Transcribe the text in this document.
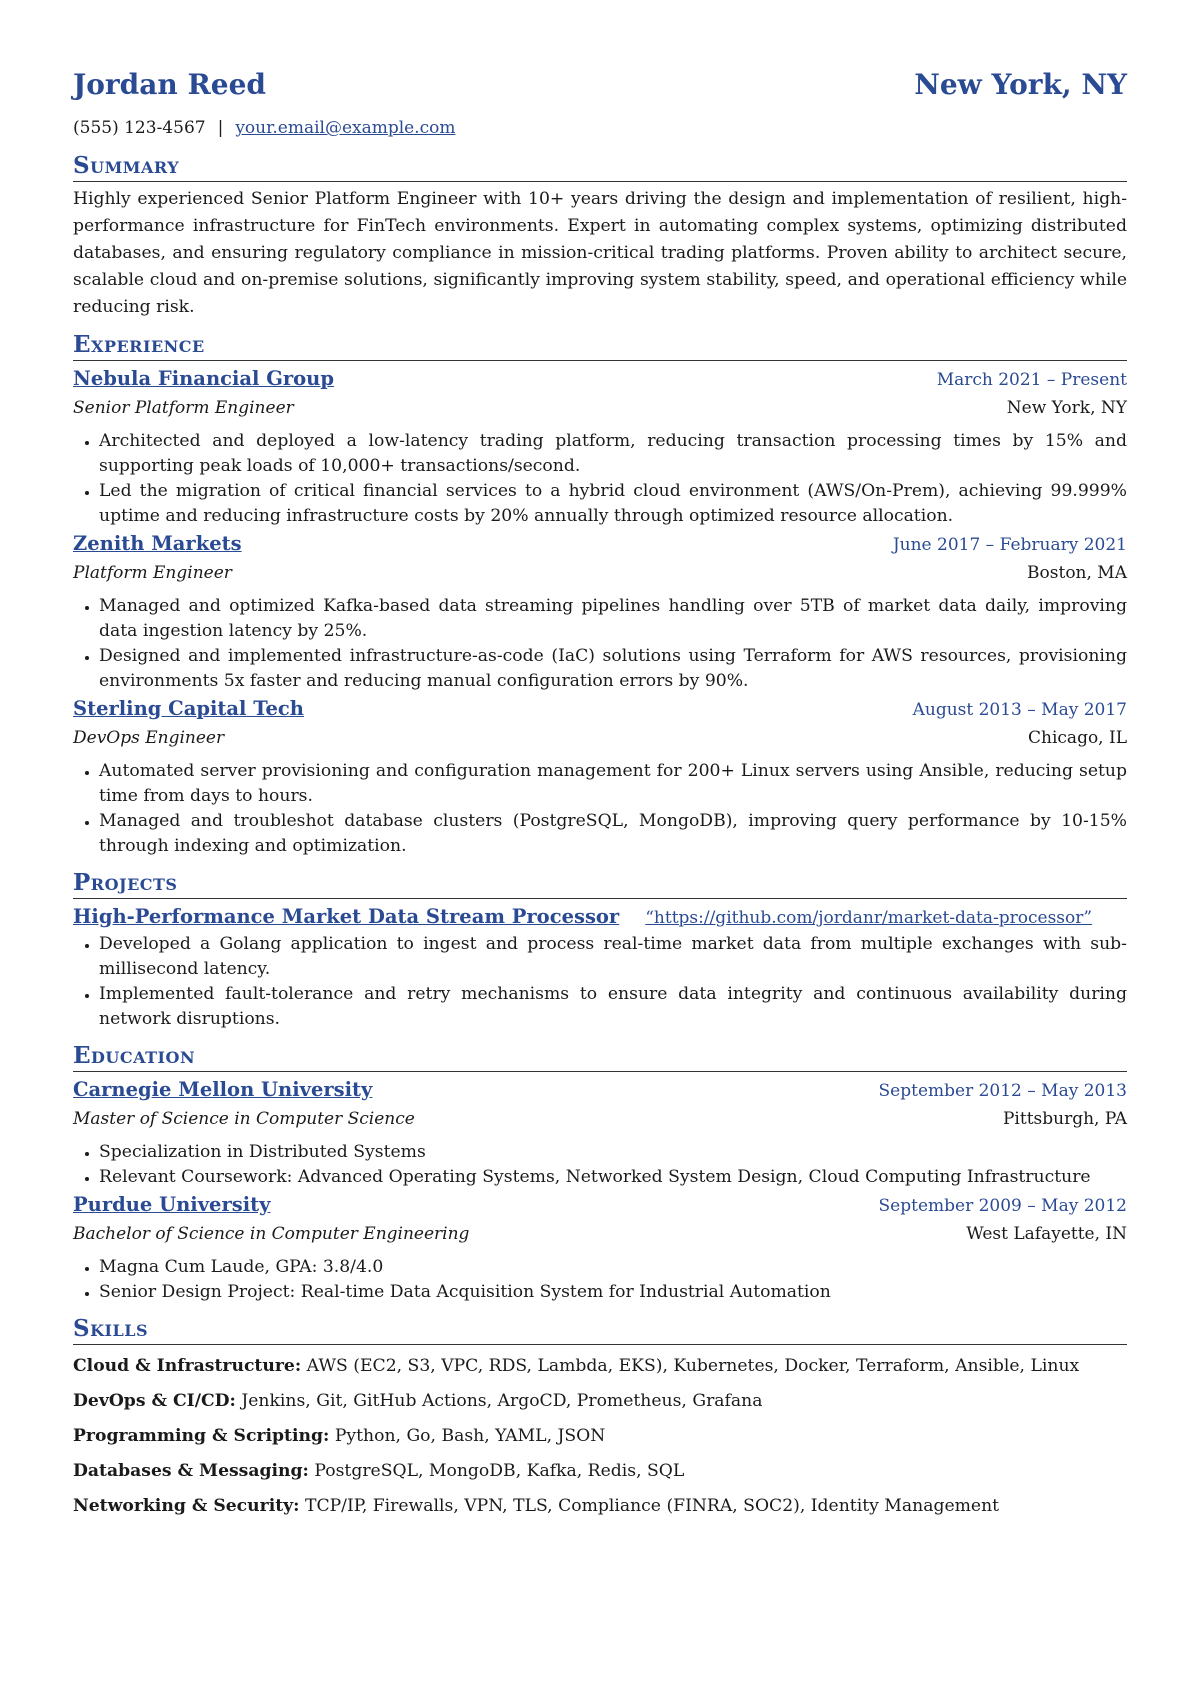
Jordan Reed	New York, NY
(555) 123-4567 | your.email@example.com
Summary
Highly experienced Senior Platform Engineer with 10+ years driving the design and implementation of resilient, high-performance infrastructure for FinTech environments. Expert in automating complex systems, optimizing distributed databases, and ensuring regulatory compliance in mission-critical trading platforms. Proven ability to architect secure, scalable cloud and on-premise solutions, significantly improving system stability, speed, and operational efficiency while reducing risk.
Experience
Nebula Financial Group	March 2021 – Present
Senior Platform Engineer	New York, NY
• Architected and deployed a low-latency trading platform, reducing transaction processing times by 15% and supporting peak loads of 10,000+ transactions/second.
• Led the migration of critical financial services to a hybrid cloud environment (AWS/On-Prem), achieving 99.999% uptime and reducing infrastructure costs by 20% annually through optimized resource allocation.
Zenith Markets	June 2017 – February 2021
Platform Engineer	Boston, MA
• Managed and optimized Kafka-based data streaming pipelines handling over 5TB of market data daily, improving data ingestion latency by 25%.
• Designed and implemented infrastructure-as-code (IaC) solutions using Terraform for AWS resources, provisioning environments 5x faster and reducing manual configuration errors by 90%.
Sterling Capital Tech	August 2013 – May 2017
DevOps Engineer	Chicago, IL
• Automated server provisioning and configuration management for 200+ Linux servers using Ansible, reducing setup time from days to hours.
• Managed and troubleshot database clusters (PostgreSQL, MongoDB), improving query performance by 10-15% through indexing and optimization.
Projects
High-Performance Market Data Stream Processor “https://github.com/jordanr/market-data-processor”
• Developed a Golang application to ingest and process real-time market data from multiple exchanges with sub-millisecond latency.
• Implemented fault-tolerance and retry mechanisms to ensure data integrity and continuous availability during network disruptions.
Education
Carnegie Mellon University	September 2012 – May 2013
Master of Science in Computer Science	Pittsburgh, PA
• Specialization in Distributed Systems
• Relevant Coursework: Advanced Operating Systems, Networked System Design, Cloud Computing Infrastructure
Purdue University	September 2009 – May 2012
Bachelor of Science in Computer Engineering	West Lafayette, IN
• Magna Cum Laude, GPA: 3.8/4.0
• Senior Design Project: Real-time Data Acquisition System for Industrial Automation
Skills
Cloud & Infrastructure: AWS (EC2, S3, VPC, RDS, Lambda, EKS), Kubernetes, Docker, Terraform, Ansible, Linux
DevOps & CI/CD: Jenkins, Git, GitHub Actions, ArgoCD, Prometheus, Grafana
Programming & Scripting: Python, Go, Bash, YAML, JSON
Databases & Messaging: PostgreSQL, MongoDB, Kafka, Redis, SQL
Networking & Security: TCP/IP, Firewalls, VPN, TLS, Compliance (FINRA, SOC2), Identity Management
